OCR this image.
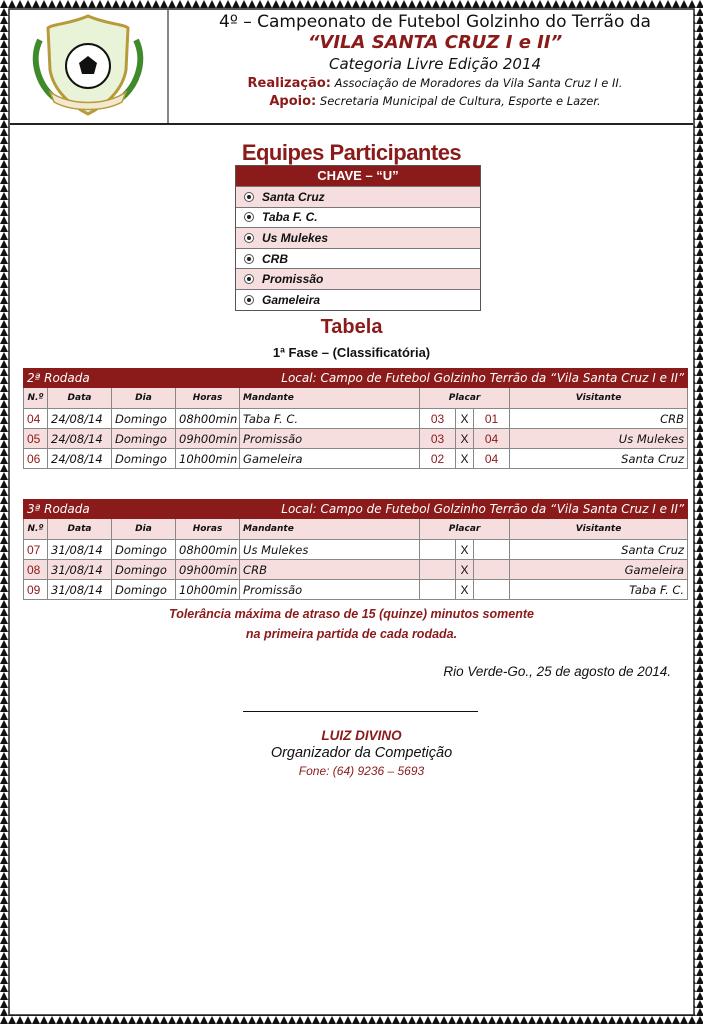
4º – Campeonato de Futebol Golzinho do Terrão da
“VILA SANTA CRUZ I e II”
Categoria Livre Edição 2014
Realização: Associação de Moradores da Vila Santa Cruz I e II.
Apoio: Secretaria Municipal de Cultura, Esporte e Lazer.
Equipes Participantes
CHAVE – “U”
Santa Cruz
Taba F. C.
Us Mulekes
CRB
Promissão
Gameleira
Tabela
1ª Fase – (Classificatória)
2ª Rodada				Local: Campo de Futebol Golzinho Terrão da “Vila Santa Cruz I e II”				
N.º	Data	Dia	Horas	Mandante	Placar			Visitante
04	24/08/14	Domingo	08h00min	Taba F. C.	03	X	01	CRB
05	24/08/14	Domingo	09h00min	Promissão	03	X	04	Us Mulekes
06	24/08/14	Domingo	10h00min	Gameleira	02	X	04	Santa Cruz
3ª Rodada				Local: Campo de Futebol Golzinho Terrão da “Vila Santa Cruz I e II”				
N.º	Data	Dia	Horas	Mandante	Placar			Visitante
07	31/08/14	Domingo	08h00min	Us Mulekes		X		Santa Cruz
08	31/08/14	Domingo	09h00min	CRB		X		Gameleira
09	31/08/14	Domingo	10h00min	Promissão		X		Taba F. C.
Tolerância máxima de atraso de 15 (quinze) minutos somente
na primeira partida de cada rodada.
Rio Verde-Go., 25 de agosto de 2014.
LUIZ DIVINO
Organizador da Competição
Fone: (64) 9236 – 5693
